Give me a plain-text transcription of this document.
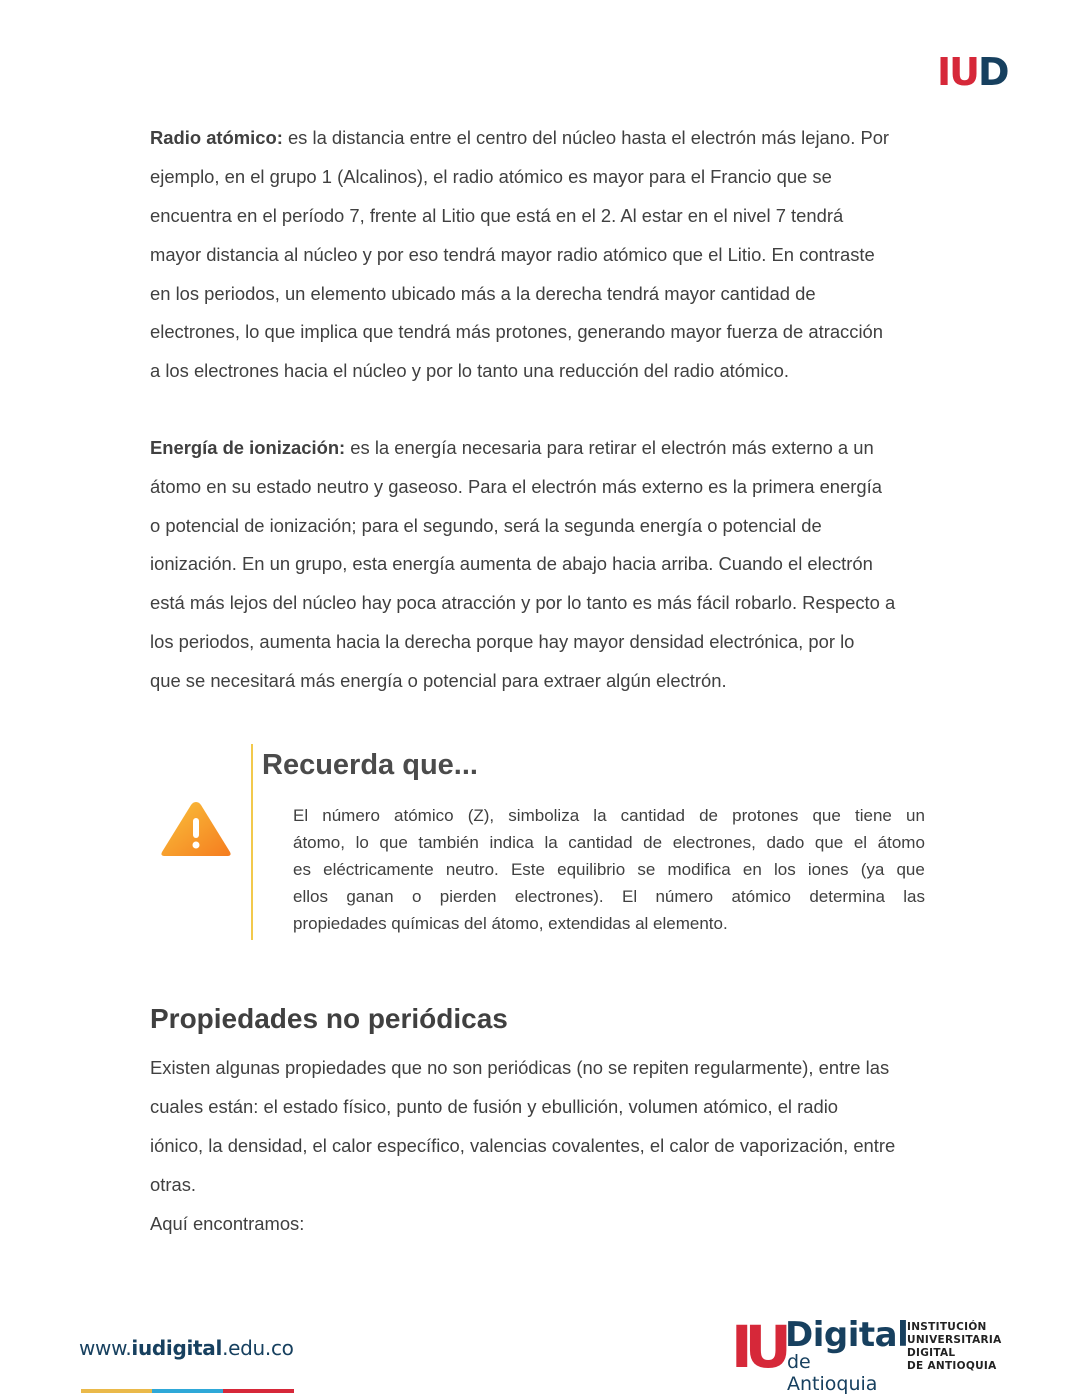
IUD
Radio atómico: es la distancia entre el centro del núcleo hasta el electrón más lejano. Por
ejemplo, en el grupo 1 (Alcalinos), el radio atómico es mayor para el Francio que se
encuentra en el período 7, frente al Litio que está en el 2. Al estar en el nivel 7 tendrá
mayor distancia al núcleo y por eso tendrá mayor radio atómico que el Litio. En contraste
en los periodos, un elemento ubicado más a la derecha tendrá mayor cantidad de
electrones, lo que implica que tendrá más protones, generando mayor fuerza de atracción
a los electrones hacia el núcleo y por lo tanto una reducción del radio atómico.
Energía de ionización: es la energía necesaria para retirar el electrón más externo a un
átomo en su estado neutro y gaseoso. Para el electrón más externo es la primera energía
o potencial de ionización; para el segundo, será la segunda energía o potencial de
ionización. En un grupo, esta energía aumenta de abajo hacia arriba. Cuando el electrón
está más lejos del núcleo hay poca atracción y por lo tanto es más fácil robarlo. Respecto a
los periodos, aumenta hacia la derecha porque hay mayor densidad electrónica, por lo
que se necesitará más energía o potencial para extraer algún electrón.
Recuerda que...
El número atómico (Z), simboliza la cantidad de protones que tiene un
átomo, lo que también indica la cantidad de electrones, dado que el átomo
es eléctricamente neutro. Este equilibrio se modifica en los iones (ya que
ellos ganan o pierden electrones). El número atómico determina las
propiedades químicas del átomo, extendidas al elemento.
Propiedades no periódicas
Existen algunas propiedades que no son periódicas (no se repiten regularmente), entre las
cuales están: el estado físico, punto de fusión y ebullición, volumen atómico, el radio
iónico, la densidad, el calor específico, valencias covalentes, el calor de vaporización, entre
otras.
Aquí encontramos:
www.iudigital.edu.co	IU Digital
de Antioquia
INSTITUCIÓN
UNIVERSITARIA
DIGITAL
DE ANTIOQUIA
